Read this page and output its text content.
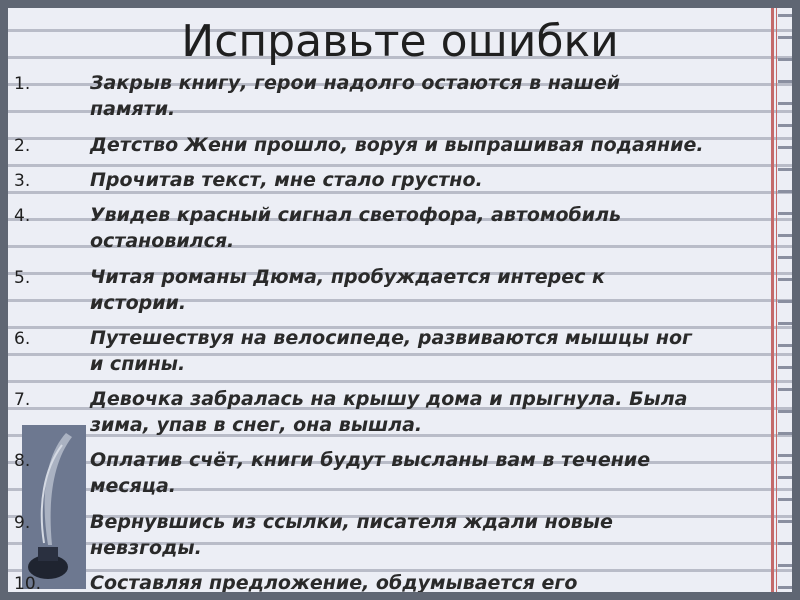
Исправьте ошибки
1.	Закрыв книгу, герои надолго остаются в нашей
памяти.
2.	Детство Жени прошло, воруя и выпрашивая подаяние.
3.	Прочитав текст, мне стало грустно.
4.	Увидев красный сигнал светофора, автомобиль
остановился.
5.	Читая романы Дюма, пробуждается интерес к
истории.
6.	Путешествуя на велосипеде, развиваются мышцы ног
и спины.
7.	Девочка забралась на крышу дома и прыгнула. Была
зима, упав в снег, она вышла.
8.	Оплатив счёт, книги будут высланы вам в течение
месяца.
9.	Вернувшись из ссылки, писателя ждали новые
невзгоды.
10.	Составляя предложение, обдумывается его
